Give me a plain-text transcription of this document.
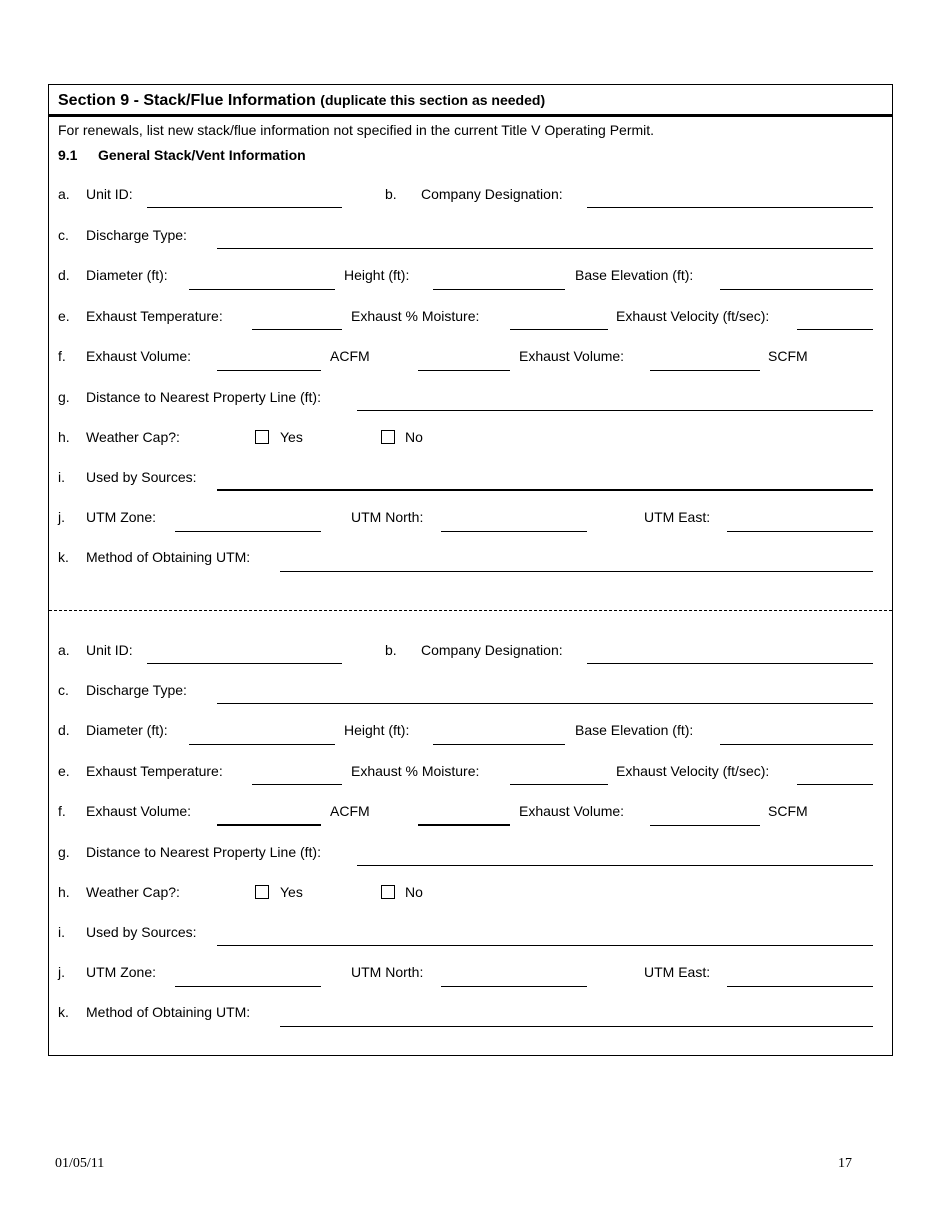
Section 9 - Stack/Flue Information (duplicate this section as needed)
For renewals, list new stack/flue information not specified in the current Title V Operating Permit.
9.1 General Stack/Vent Information
a. Unit ID:	b. Company Designation:
c. Discharge Type:
d. Diameter (ft):	Height (ft):	Base Elevation (ft):
e. Exhaust Temperature:	Exhaust % Moisture:	Exhaust Velocity (ft/sec):
f. Exhaust Volume:	ACFM	Exhaust Volume:	SCFM
g. Distance to Nearest Property Line (ft):
h. Weather Cap?:	Yes	No
i. Used by Sources:
j. UTM Zone:	UTM North:	UTM East:
k. Method of Obtaining UTM:
a. Unit ID:	b. Company Designation:
c. Discharge Type:
d. Diameter (ft):	Height (ft):	Base Elevation (ft):
e. Exhaust Temperature:	Exhaust % Moisture:	Exhaust Velocity (ft/sec):
f. Exhaust Volume:	ACFM	Exhaust Volume:	SCFM
g. Distance to Nearest Property Line (ft):
h. Weather Cap?:	Yes	No
i. Used by Sources:
j. UTM Zone:	UTM North:	UTM East:
k. Method of Obtaining UTM:
01/05/11	17
